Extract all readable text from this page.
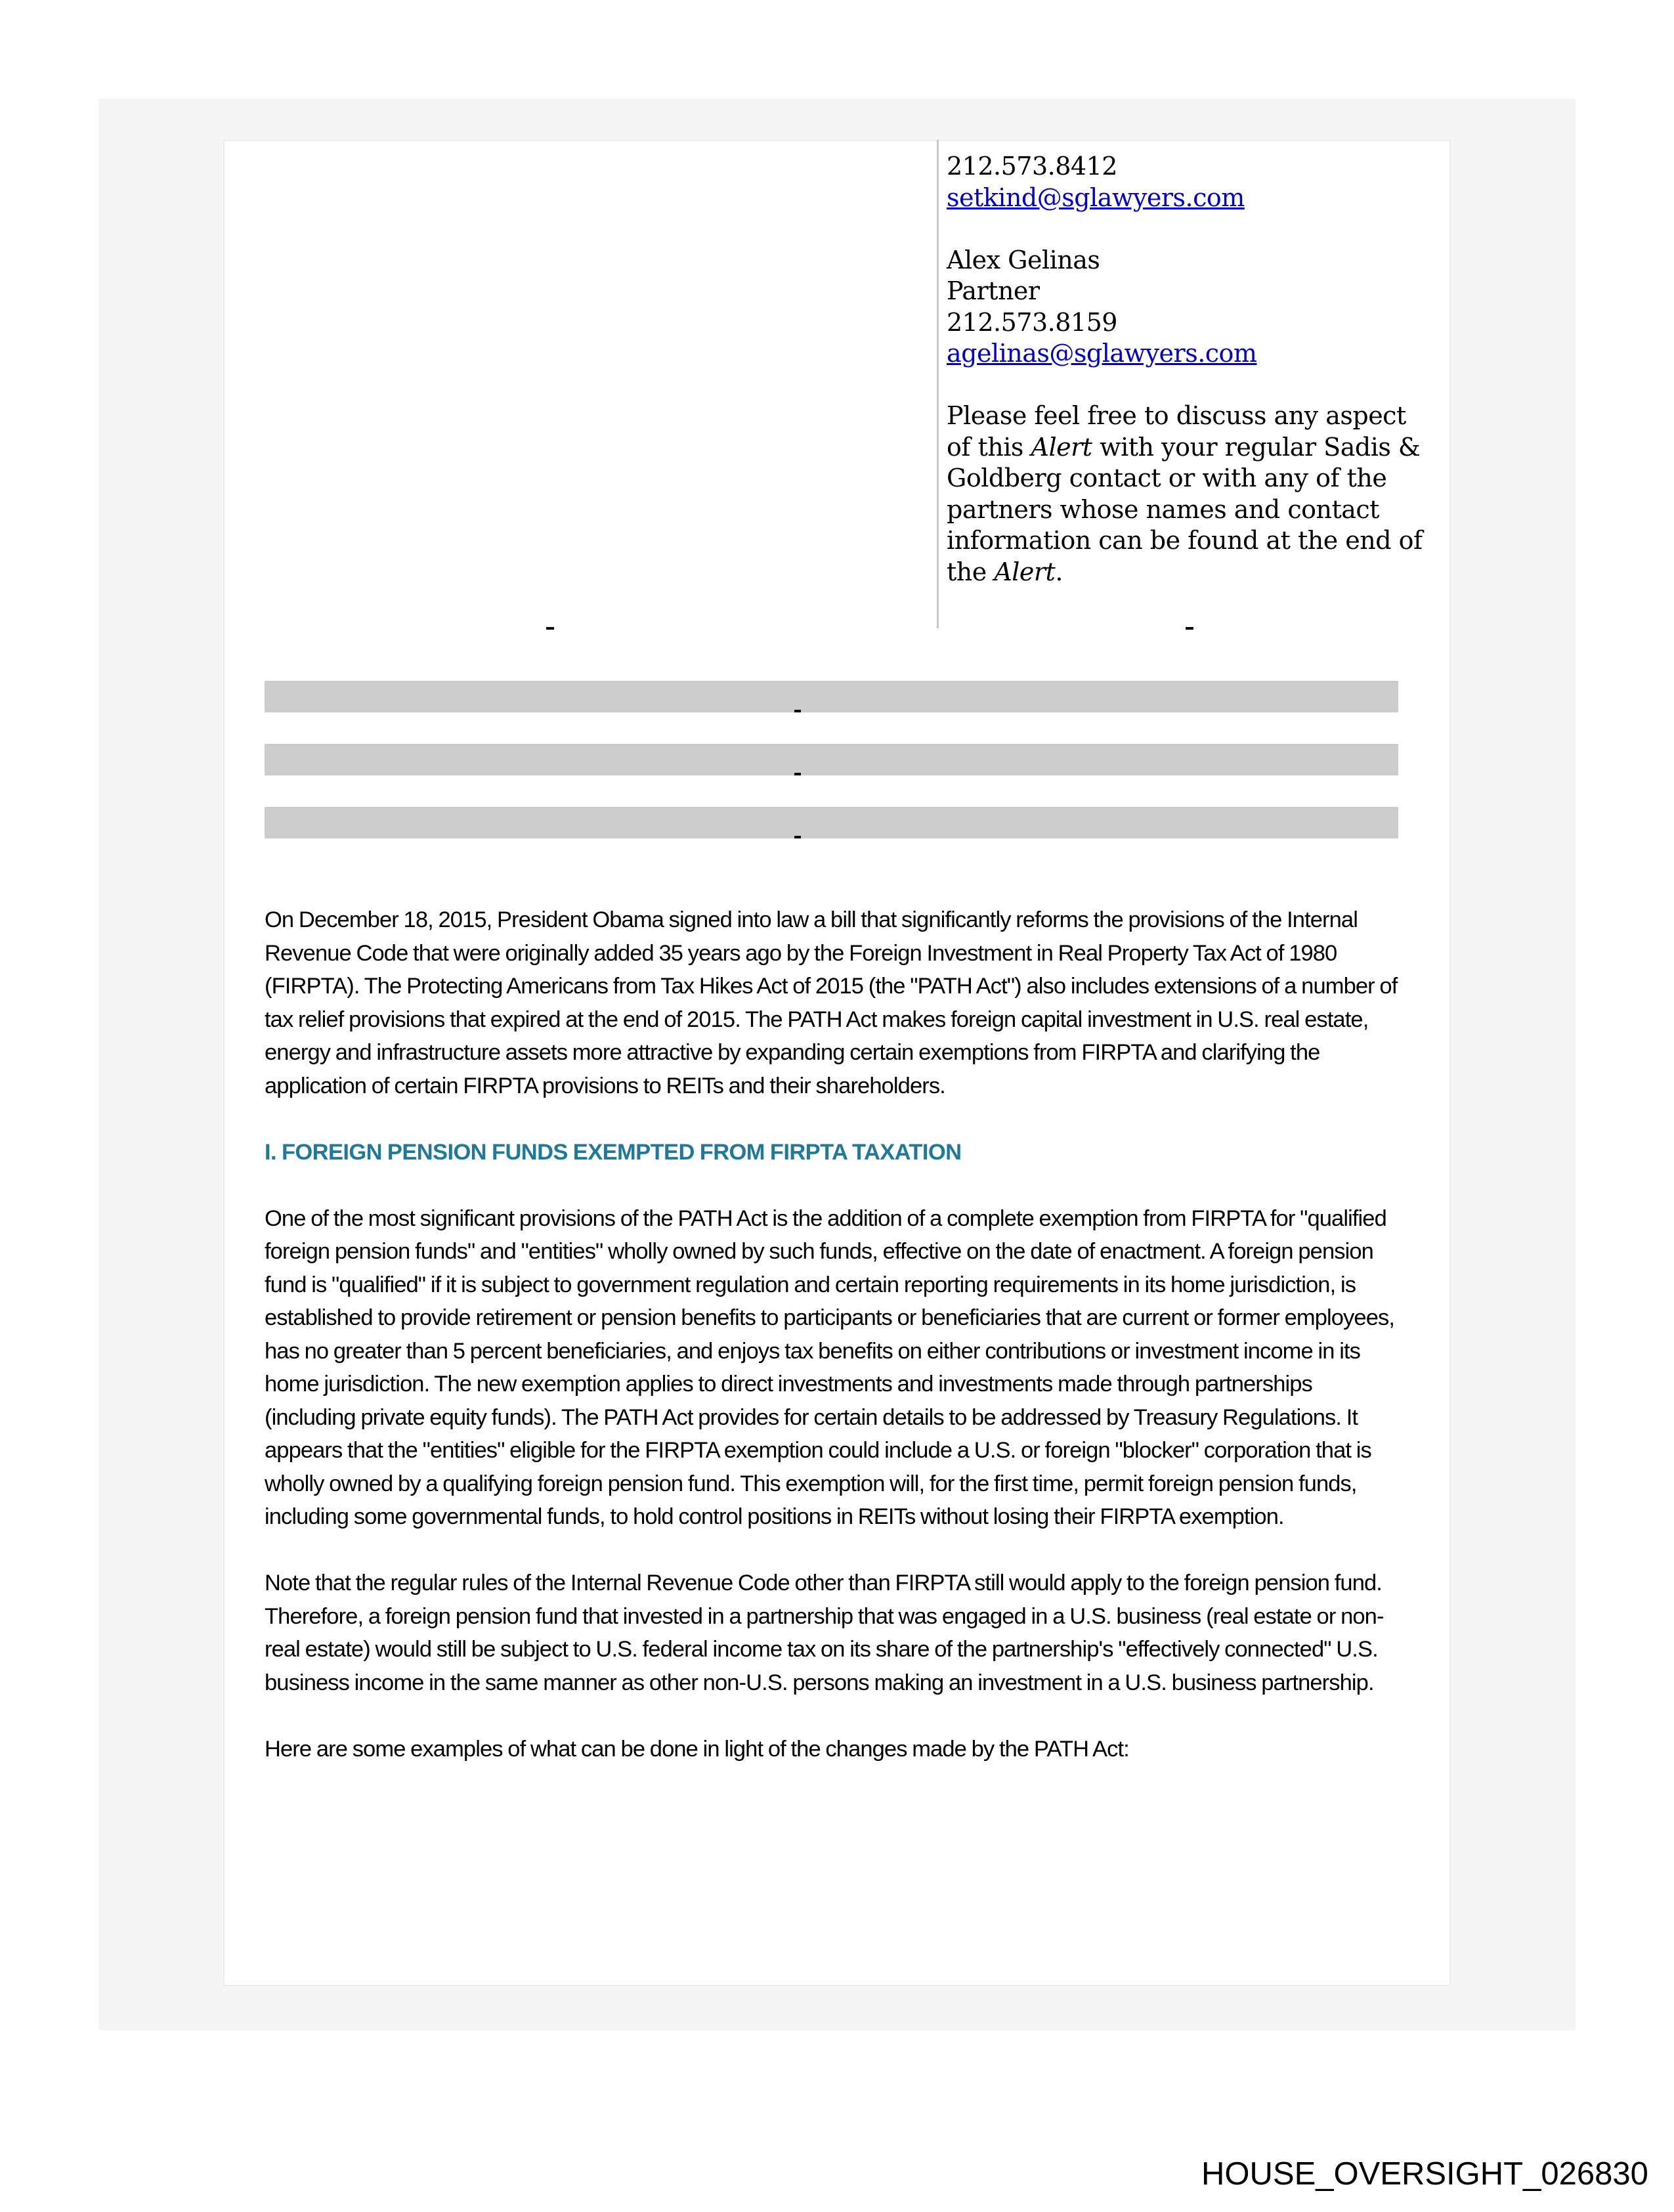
212.573.8412
setkind@sglawyers.com
Alex Gelinas
Partner
212.573.8159
agelinas@sglawyers.com
Please feel free to discuss any aspect of this Alert with your regular Sadis & Goldberg contact or with any of the partners whose names and contact information can be found at the end of the Alert.

On December 18, 2015, President Obama signed into law a bill that significantly reforms the provisions of the Internal Revenue Code that were originally added 35 years ago by the Foreign Investment in Real Property Tax Act of 1980 (FIRPTA). The Protecting Americans from Tax Hikes Act of 2015 (the "PATH Act") also includes extensions of a number of tax relief provisions that expired at the end of 2015. The PATH Act makes foreign capital investment in U.S. real estate, energy and infrastructure assets more attractive by expanding certain exemptions from FIRPTA and clarifying the application of certain FIRPTA provisions to REITs and their shareholders.

I. FOREIGN PENSION FUNDS EXEMPTED FROM FIRPTA TAXATION

One of the most significant provisions of the PATH Act is the addition of a complete exemption from FIRPTA for "qualified foreign pension funds" and "entities" wholly owned by such funds, effective on the date of enactment. A foreign pension fund is "qualified" if it is subject to government regulation and certain reporting requirements in its home jurisdiction, is established to provide retirement or pension benefits to participants or beneficiaries that are current or former employees, has no greater than 5 percent beneficiaries, and enjoys tax benefits on either contributions or investment income in its home jurisdiction. The new exemption applies to direct investments and investments made through partnerships (including private equity funds). The PATH Act provides for certain details to be addressed by Treasury Regulations. It appears that the "entities" eligible for the FIRPTA exemption could include a U.S. or foreign "blocker" corporation that is wholly owned by a qualifying foreign pension fund. This exemption will, for the first time, permit foreign pension funds, including some governmental funds, to hold control positions in REITs without losing their FIRPTA exemption.

Note that the regular rules of the Internal Revenue Code other than FIRPTA still would apply to the foreign pension fund. Therefore, a foreign pension fund that invested in a partnership that was engaged in a U.S. business (real estate or non-real estate) would still be subject to U.S. federal income tax on its share of the partnership's "effectively connected" U.S. business income in the same manner as other non-U.S. persons making an investment in a U.S. business partnership.

Here are some examples of what can be done in light of the changes made by the PATH Act:

HOUSE_OVERSIGHT_026830
